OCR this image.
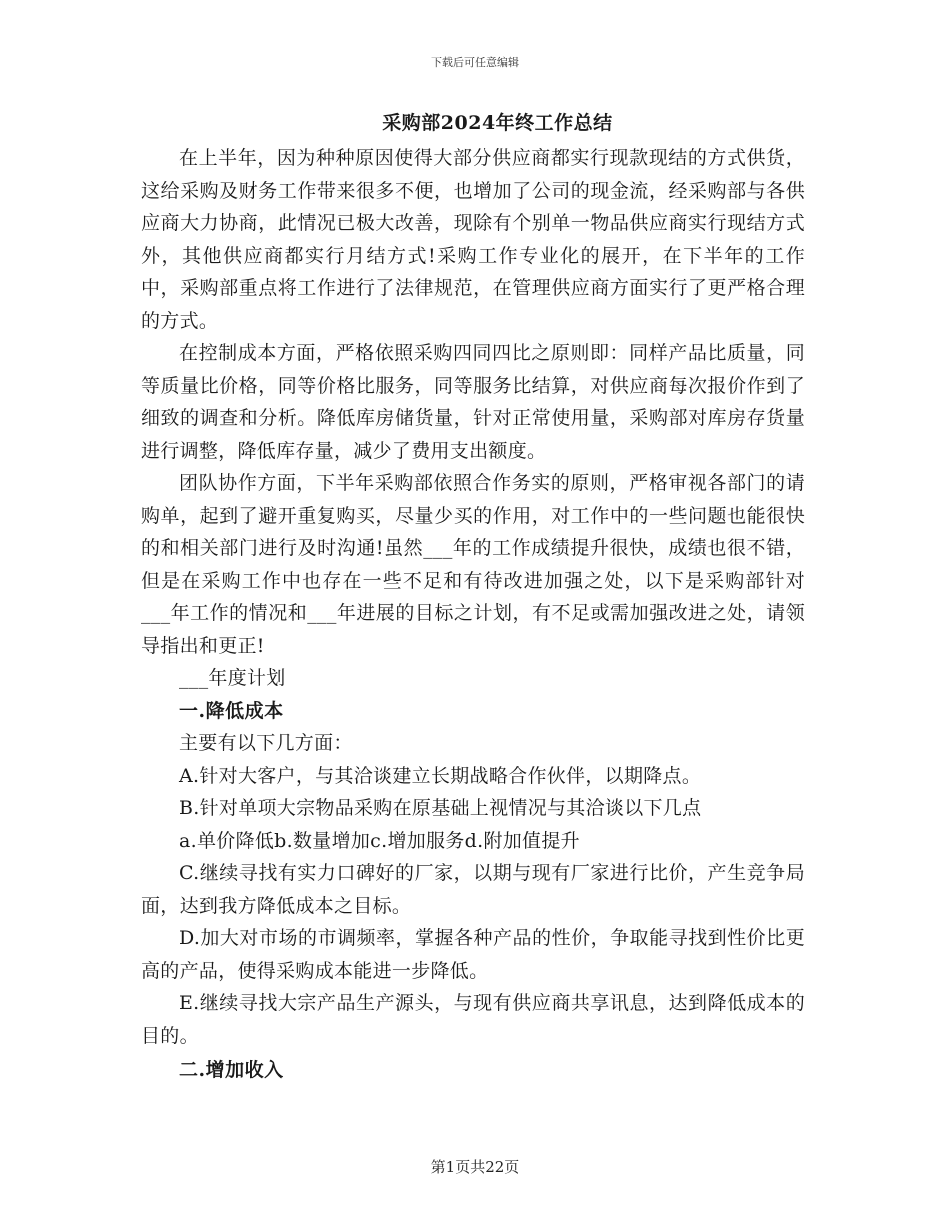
下载后可任意编辑
采购部2024年终工作总结

在上半年，因为种种原因使得大部分供应商都实行现款现结的方式供货，这给采购及财务工作带来很多不便，也增加了公司的现金流，经采购部与各供应商大力协商，此情况已极大改善，现除有个别单一物品供应商实行现结方式外，其他供应商都实行月结方式!采购工作专业化的展开，在下半年的工作中，采购部重点将工作进行了法律规范，在管理供应商方面实行了更严格合理的方式。

在控制成本方面，严格依照采购四同四比之原则即：同样产品比质量，同等质量比价格，同等价格比服务，同等服务比结算，对供应商每次报价作到了细致的调查和分析。降低库房储货量，针对正常使用量，采购部对库房存货量进行调整，降低库存量，减少了费用支出额度。

团队协作方面，下半年采购部依照合作务实的原则，严格审视各部门的请购单，起到了避开重复购买，尽量少买的作用，对工作中的一些问题也能很快的和相关部门进行及时沟通!虽然___年的工作成绩提升很快，成绩也很不错，但是在采购工作中也存在一些不足和有待改进加强之处，以下是采购部针对___年工作的情况和___年进展的目标之计划，有不足或需加强改进之处，请领导指出和更正!

___年度计划

一.降低成本

主要有以下几方面：

A.针对大客户，与其洽谈建立长期战略合作伙伴，以期降点。

B.针对单项大宗物品采购在原基础上视情况与其洽谈以下几点

a.单价降低b.数量增加c.增加服务d.附加值提升

C.继续寻找有实力口碑好的厂家，以期与现有厂家进行比价，产生竞争局面，达到我方降低成本之目标。

D.加大对市场的市调频率，掌握各种产品的性价，争取能寻找到性价比更高的产品，使得采购成本能进一步降低。

E.继续寻找大宗产品生产源头，与现有供应商共享讯息，达到降低成本的目的。

二.增加收入

第1页共22页
